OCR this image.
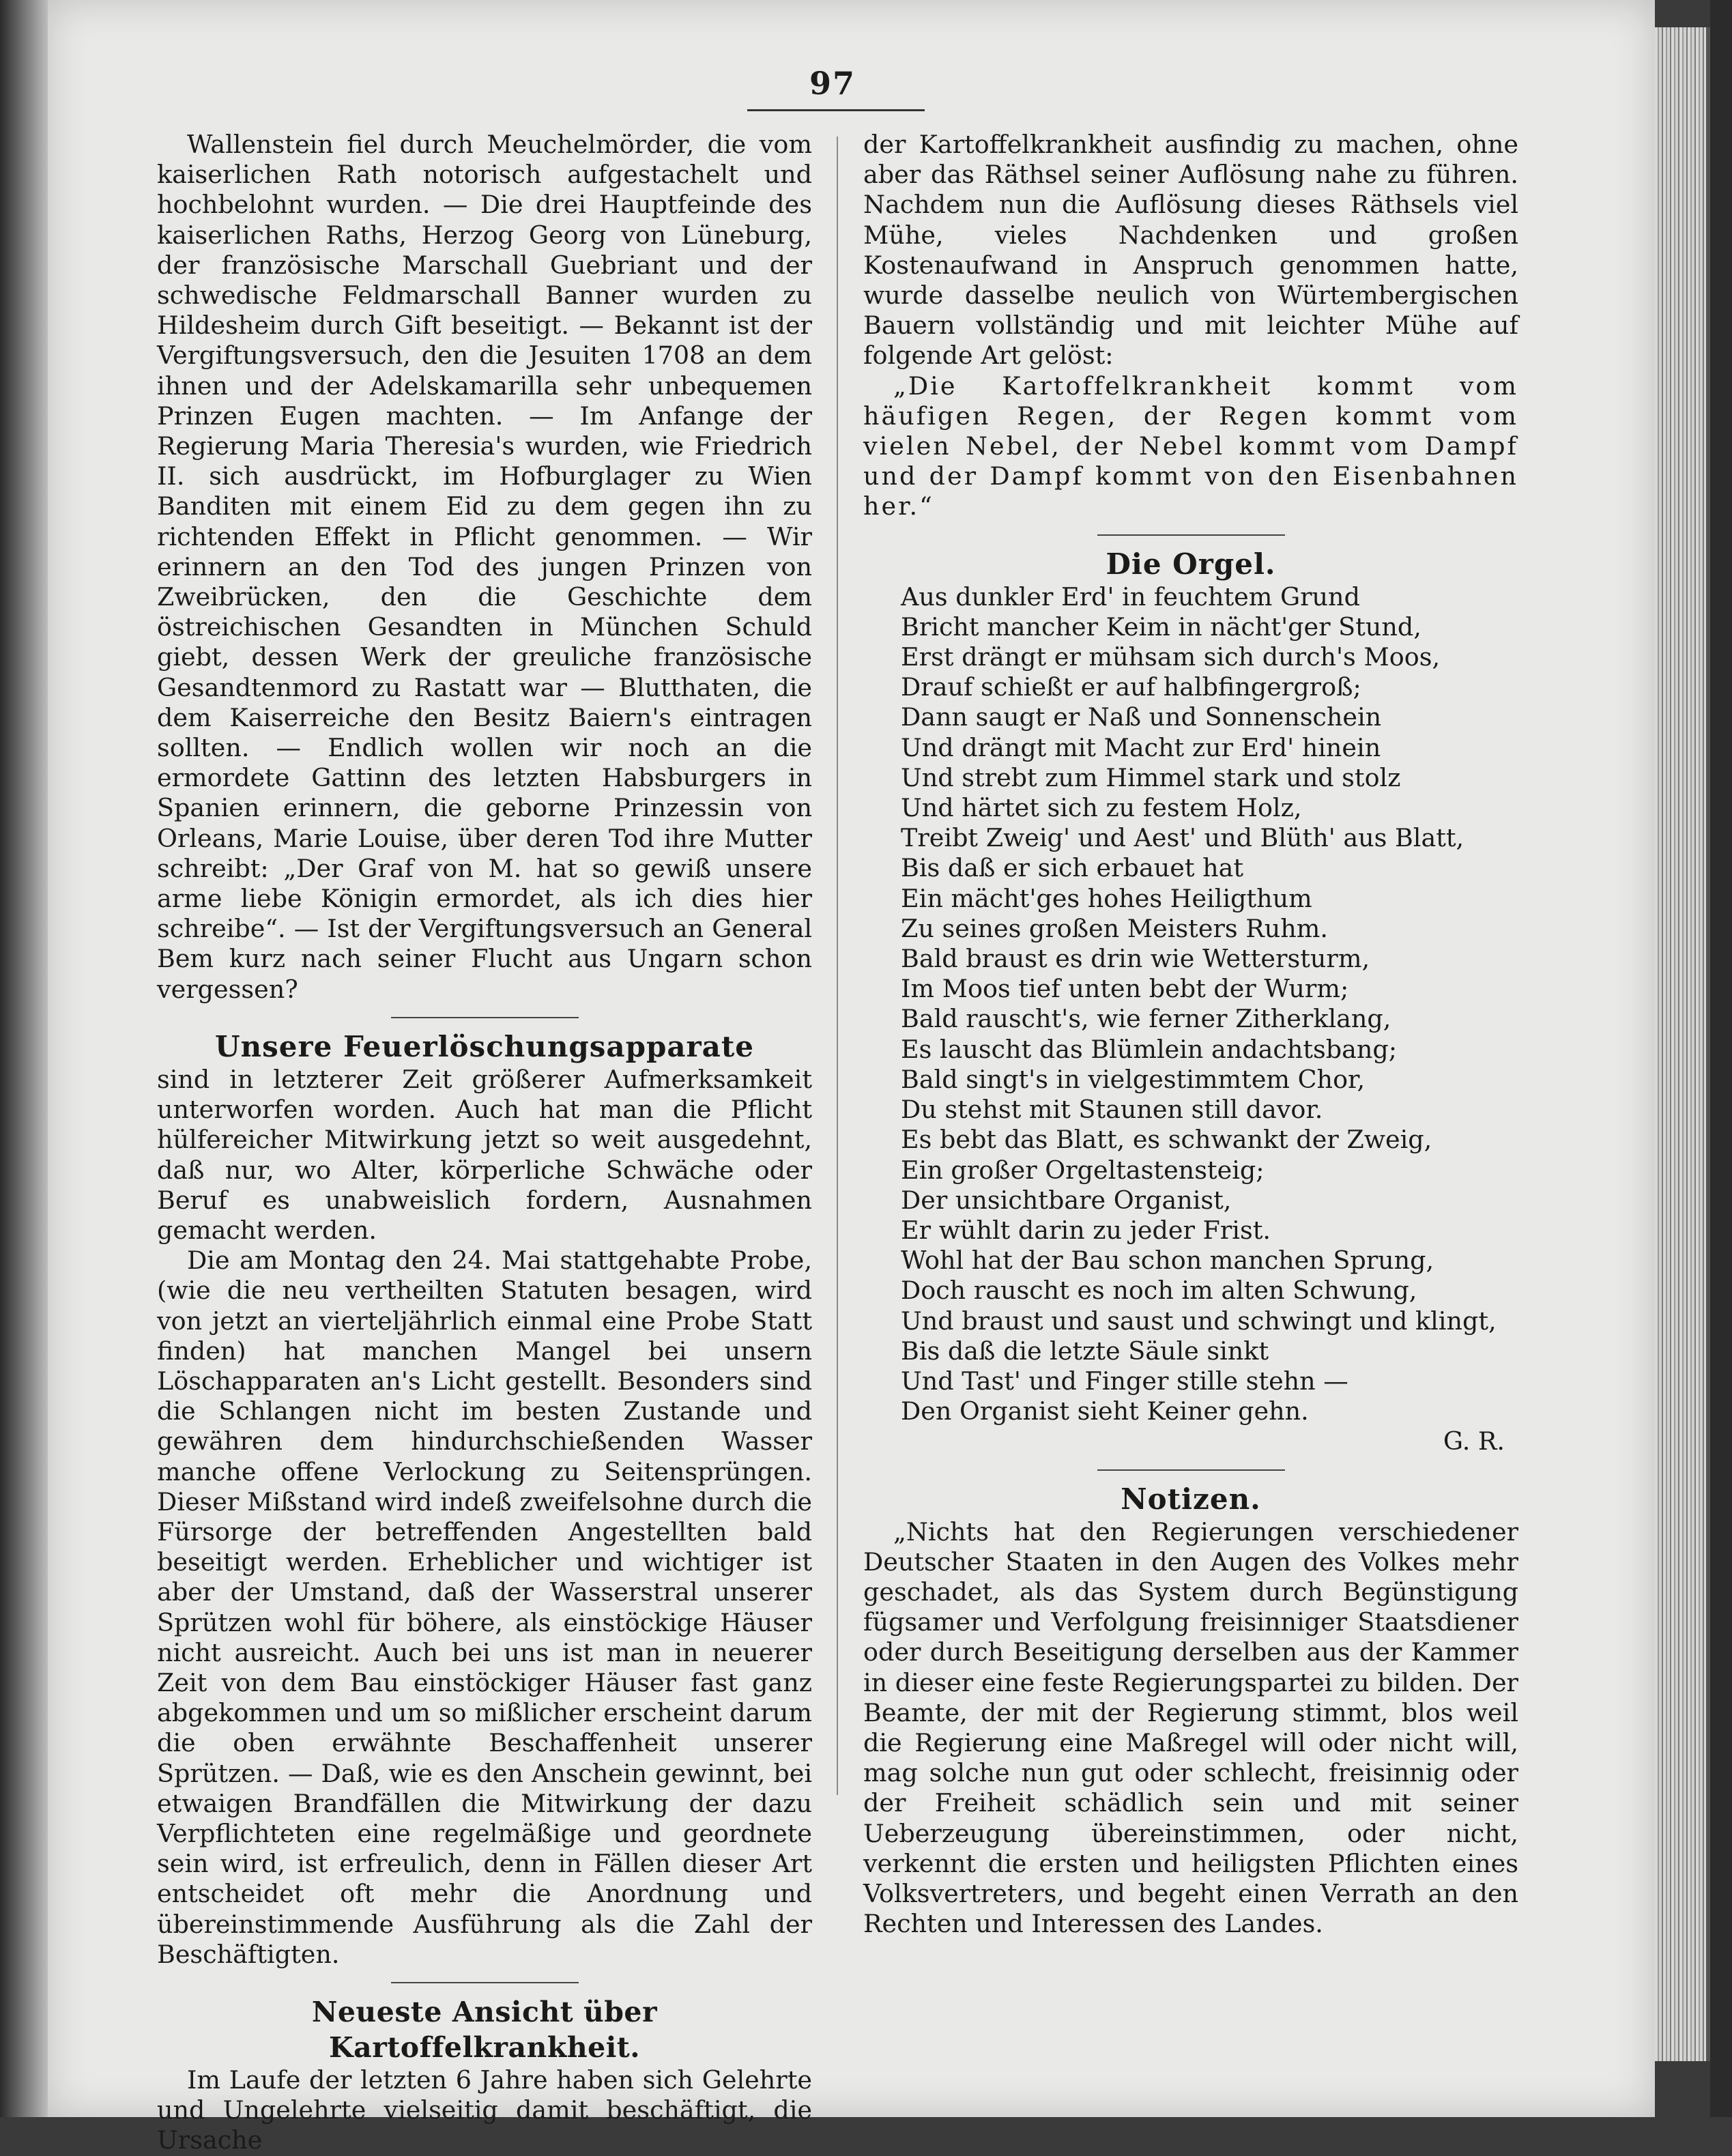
97

Wallenstein fiel durch Meuchelmörder, die vom kaiserlichen Rath notorisch aufgestachelt und hochbelohnt wurden. — Die drei Hauptfeinde des kaiserlichen Raths, Herzog Georg von Lüneburg, der französische Marschall Guebriant und der schwedische Feldmarschall Banner wurden zu Hildesheim durch Gift beseitigt. — Bekannt ist der Vergiftungsversuch, den die Jesuiten 1708 an dem ihnen und der Adelskamarilla sehr unbequemen Prinzen Eugen machten. — Im Anfange der Regierung Maria Theresia's wurden, wie Friedrich II. sich ausdrückt, im Hofburglager zu Wien Banditen mit einem Eid zu dem gegen ihn zu richtenden Effekt in Pflicht genommen. — Wir erinnern an den Tod des jungen Prinzen von Zweibrücken, den die Geschichte dem östreichischen Gesandten in München Schuld giebt, dessen Werk der greuliche französische Gesandtenmord zu Rastatt war — Blutthaten, die dem Kaiserreiche den Besitz Baiern's eintragen sollten. — Endlich wollen wir noch an die ermordete Gattinn des letzten Habsburgers in Spanien erinnern, die geborne Prinzessin von Orleans, Marie Louise, über deren Tod ihre Mutter schreibt: „Der Graf von M. hat so gewiß unsere arme liebe Königin ermordet, als ich dies hier schreibe“. — Ist der Vergiftungsversuch an General Bem kurz nach seiner Flucht aus Ungarn schon vergessen?

Unsere Feuerlöschungsapparate

sind in letzterer Zeit größerer Aufmerksamkeit unterworfen worden. Auch hat man die Pflicht hülfereicher Mitwirkung jetzt so weit ausgedehnt, daß nur, wo Alter, körperliche Schwäche oder Beruf es unabweislich fordern, Ausnahmen gemacht werden.

Die am Montag den 24. Mai stattgehabte Probe, (wie die neu vertheilten Statuten besagen, wird von jetzt an vierteljährlich einmal eine Probe Statt finden) hat manchen Mangel bei unsern Löschapparaten an's Licht gestellt. Besonders sind die Schlangen nicht im besten Zustande und gewähren dem hindurchschießenden Wasser manche offene Verlockung zu Seitensprüngen. Dieser Mißstand wird indeß zweifelsohne durch die Fürsorge der betreffenden Angestellten bald beseitigt werden. Erheblicher und wichtiger ist aber der Umstand, daß der Wasserstral unserer Sprützen wohl für böhere, als einstöckige Häuser nicht ausreicht. Auch bei uns ist man in neuerer Zeit von dem Bau einstöckiger Häuser fast ganz abgekommen und um so mißlicher erscheint darum die oben erwähnte Beschaffenheit unserer Sprützen. — Daß, wie es den Anschein gewinnt, bei etwaigen Brandfällen die Mitwirkung der dazu Verpflichteten eine regelmäßige und geordnete sein wird, ist erfreulich, denn in Fällen dieser Art entscheidet oft mehr die Anordnung und übereinstimmende Ausführung als die Zahl der Beschäftigten.

Neueste Ansicht über Kartoffelkrankheit.

Im Laufe der letzten 6 Jahre haben sich Gelehrte und Ungelehrte vielseitig damit beschäftigt, die Ursache

der Kartoffelkrankheit ausfindig zu machen, ohne aber das Räthsel seiner Auflösung nahe zu führen. Nachdem nun die Auflösung dieses Räthsels viel Mühe, vieles Nachdenken und großen Kostenaufwand in Anspruch genommen hatte, wurde dasselbe neulich von Würtembergischen Bauern vollständig und mit leichter Mühe auf folgende Art gelöst:

„Die Kartoffelkrankheit kommt vom häufigen Regen, der Regen kommt vom vielen Nebel, der Nebel kommt vom Dampf und der Dampf kommt von den Eisenbahnen her.“

Die Orgel.

Aus dunkler Erd' in feuchtem Grund

Bricht mancher Keim in nächt'ger Stund,

Erst drängt er mühsam sich durch's Moos,

Drauf schießt er auf halbfingergroß;

Dann saugt er Naß und Sonnenschein

Und drängt mit Macht zur Erd' hinein

Und strebt zum Himmel stark und stolz

Und härtet sich zu festem Holz,

Treibt Zweig' und Aest' und Blüth' aus Blatt,

Bis daß er sich erbauet hat

Ein mächt'ges hohes Heiligthum

Zu seines großen Meisters Ruhm.

Bald braust es drin wie Wettersturm,

Im Moos tief unten bebt der Wurm;

Bald rauscht's, wie ferner Zitherklang,

Es lauscht das Blümlein andachtsbang;

Bald singt's in vielgestimmtem Chor,

Du stehst mit Staunen still davor.

Es bebt das Blatt, es schwankt der Zweig,

Ein großer Orgeltastensteig;

Der unsichtbare Organist,

Er wühlt darin zu jeder Frist.

Wohl hat der Bau schon manchen Sprung,

Doch rauscht es noch im alten Schwung,

Und braust und saust und schwingt und klingt,

Bis daß die letzte Säule sinkt

Und Tast' und Finger stille stehn —

Den Organist sieht Keiner gehn.

G. R.

Notizen.

„Nichts hat den Regierungen verschiedener Deutscher Staaten in den Augen des Volkes mehr geschadet, als das System durch Begünstigung fügsamer und Verfolgung freisinniger Staatsdiener oder durch Beseitigung derselben aus der Kammer in dieser eine feste Regierungspartei zu bilden. Der Beamte, der mit der Regierung stimmt, blos weil die Regierung eine Maßregel will oder nicht will, mag solche nun gut oder schlecht, freisinnig oder der Freiheit schädlich sein und mit seiner Ueberzeugung übereinstimmen, oder nicht, verkennt die ersten und heiligsten Pflichten eines Volksvertreters, und begeht einen Verrath an den Rechten und Interessen des Landes.
